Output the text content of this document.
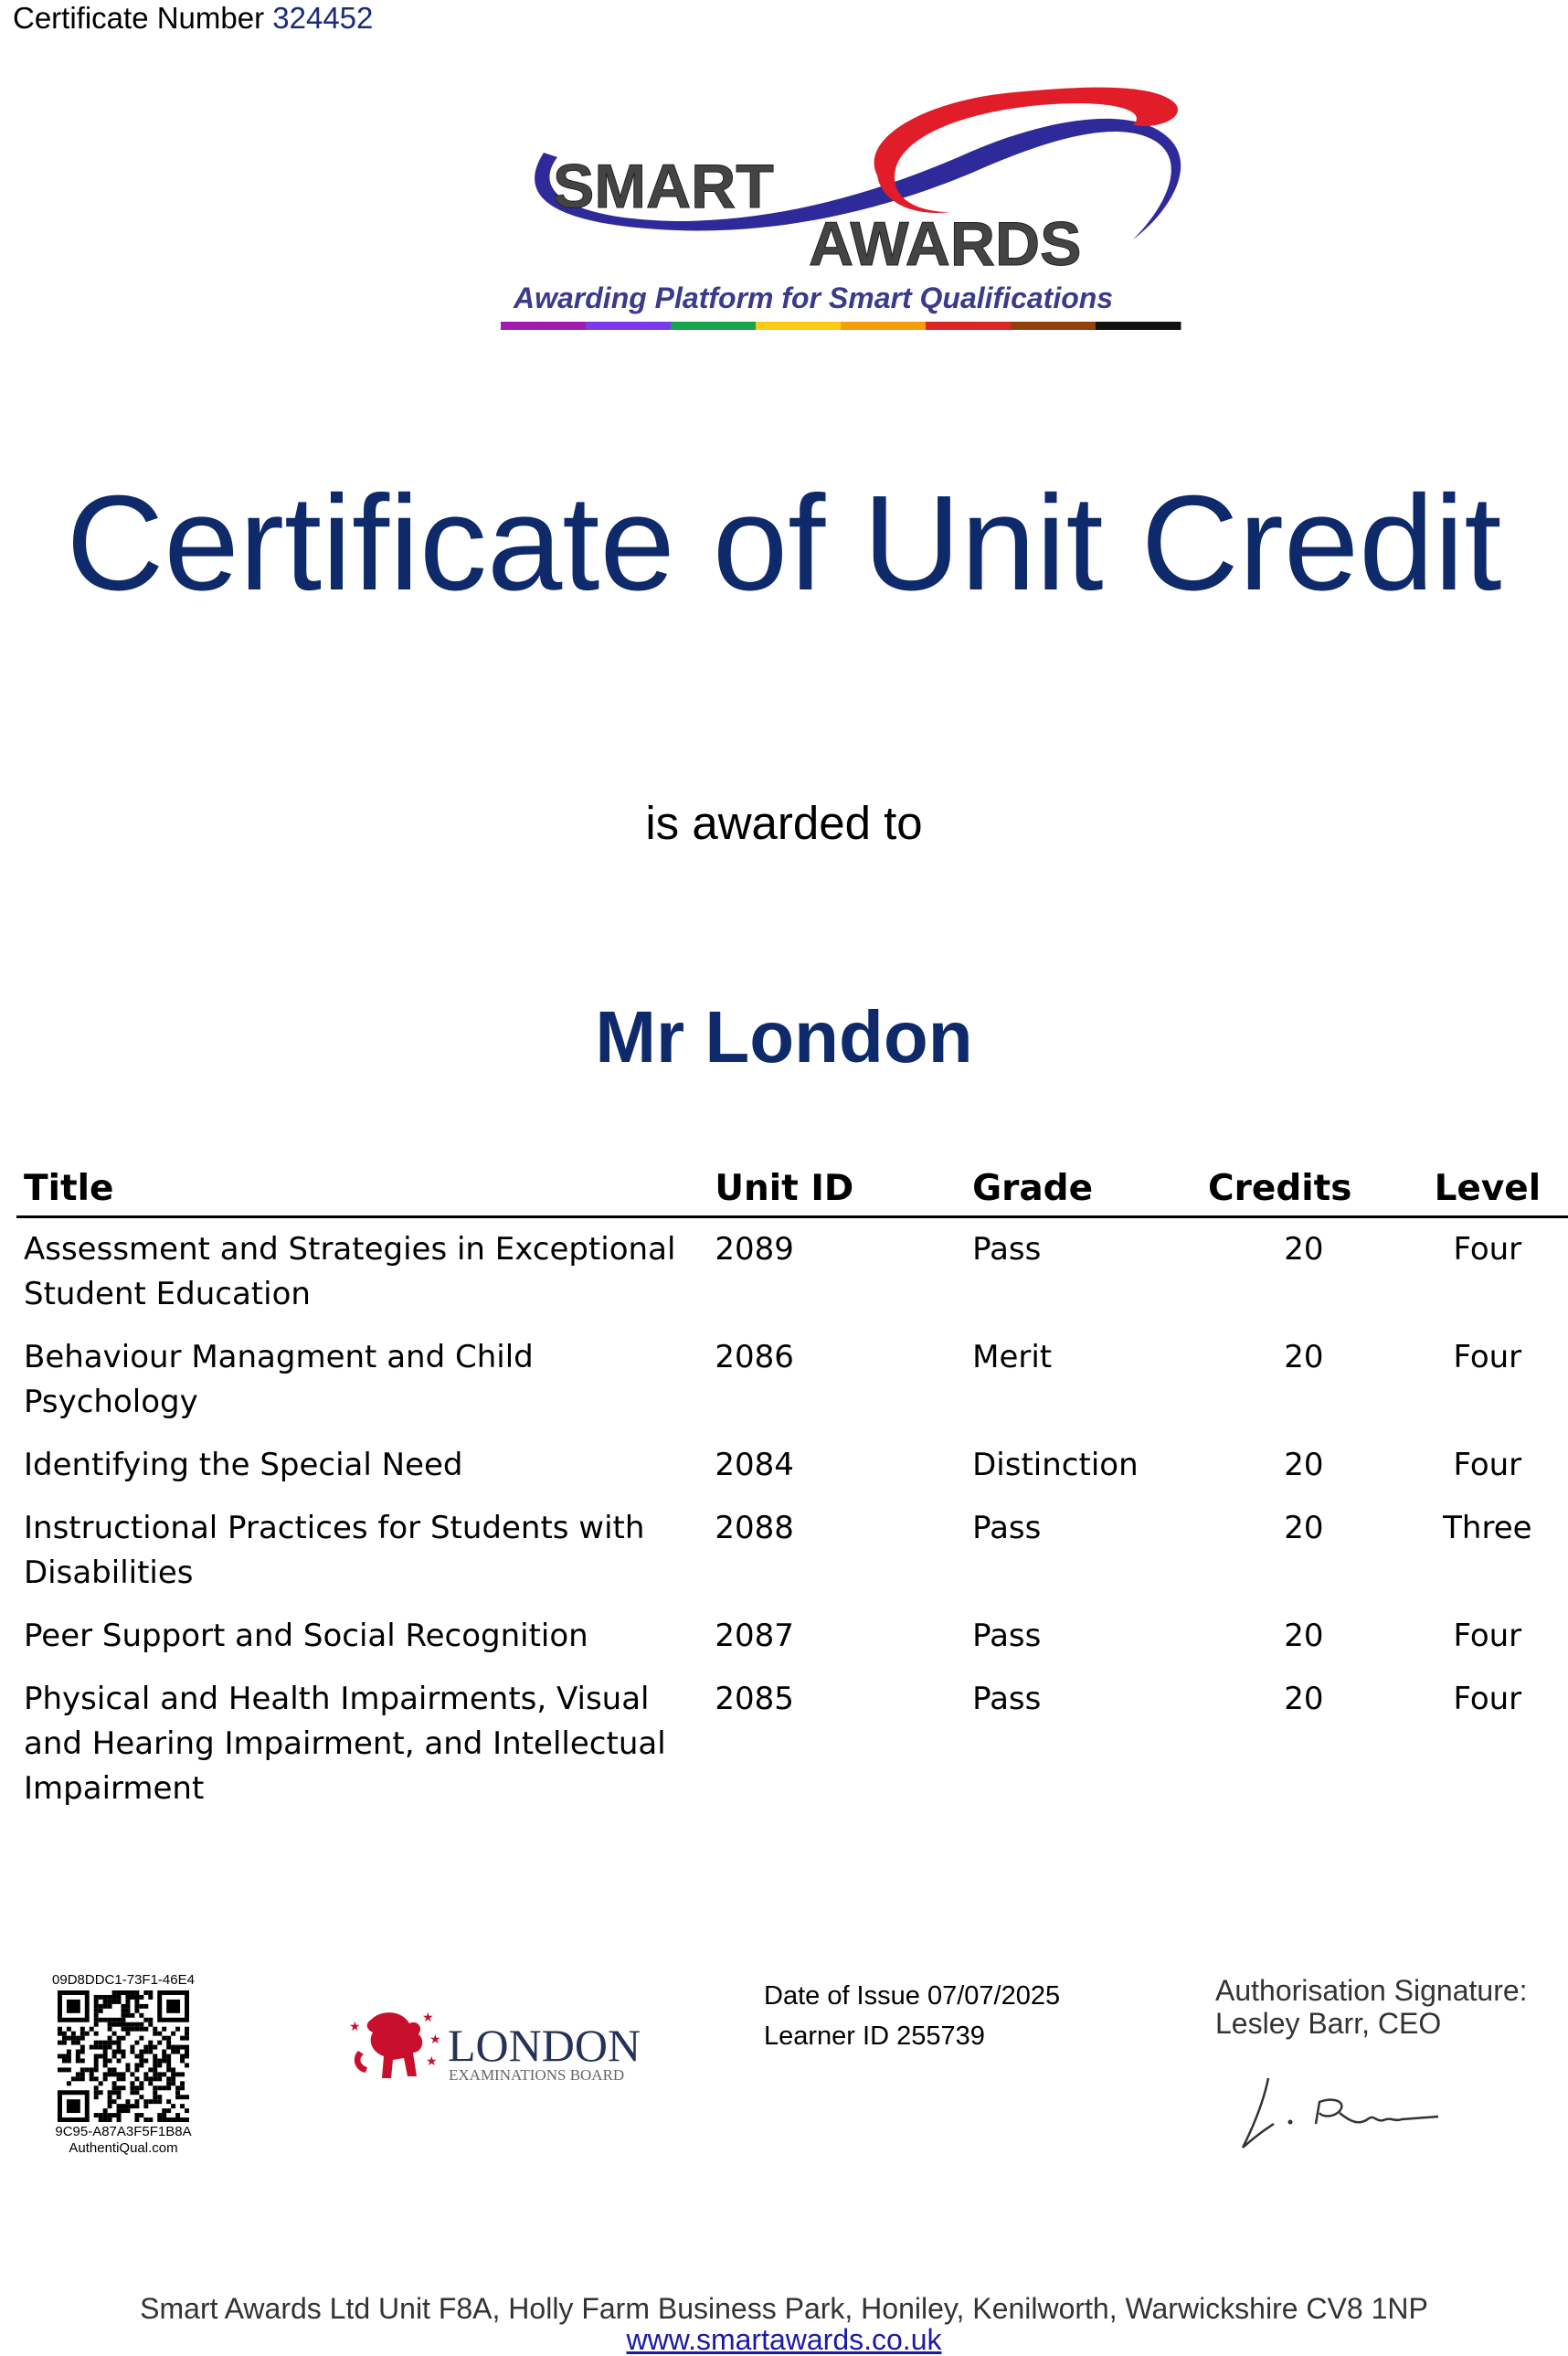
Certificate Number 324452
SMART
AWARDS
Awarding Platform for Smart Qualifications
Certificate of Unit Credit
is awarded to
Mr London
Title	Unit ID	Grade	Credits	Level
Assessment and Strategies in Exceptional Student Education	2089	Pass	20	Four
Behaviour Managment and Child Psychology	2086	Merit	20	Four
Identifying the Special Need	2084	Distinction	20	Four
Instructional Practices for Students with Disabilities	2088	Pass	20	Three
Peer Support and Social Recognition	2087	Pass	20	Four
Physical and Health Impairments, Visual and Hearing Impairment, and Intellectual Impairment	2085	Pass	20	Four
09D8DDC1-73F1-46E4
9C95-A87A3F5F1B8A
AuthentiQual.com
★
★
★
★ LONDON
EXAMINATIONS BOARD
Date of Issue 07/07/2025
Learner ID 255739
Authorisation Signature:
Lesley Barr, CEO
Smart Awards Ltd Unit F8A, Holly Farm Business Park, Honiley, Kenilworth, Warwickshire CV8 1NP
www.smartawards.co.uk
